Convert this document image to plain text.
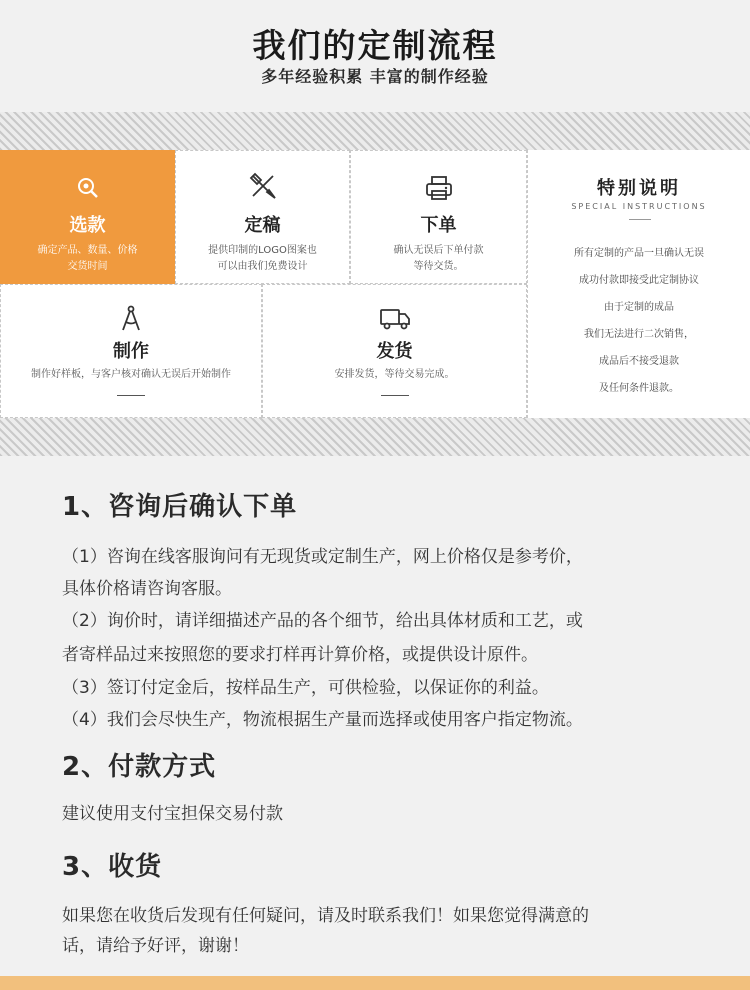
我们的定制流程
多年经验积累 丰富的制作经验
选款
确定产品、数量、价格
交货时间
定稿
提供印制的LOGO图案也
可以由我们免费设计
下单
确认无误后下单付款
等待交货。
制作
制作好样板，与客户核对确认无误后开始制作
发货
安排发货，等待交易完成。
特别说明
SPECIAL INSTRUCTIONS
所有定制的产品一旦确认无误
成功付款即接受此定制协议
由于定制的成品
我们无法进行二次销售，
成品后不接受退款
及任何条件退款。
1、咨询后确认下单
（1）咨询在线客服询问有无现货或定制生产，网上价格仅是参考价，
具体价格请咨询客服。
（2）询价时，请详细描述产品的各个细节，给出具体材质和工艺，或
者寄样品过来按照您的要求打样再计算价格，或提供设计原件。
（3）签订付定金后，按样品生产，可供检验，以保证你的利益。
（4）我们会尽快生产，物流根据生产量而选择或使用客户指定物流。
2、付款方式
建议使用支付宝担保交易付款
3、收货
如果您在收货后发现有任何疑问，请及时联系我们！如果您觉得满意的
话，请给予好评，谢谢！
